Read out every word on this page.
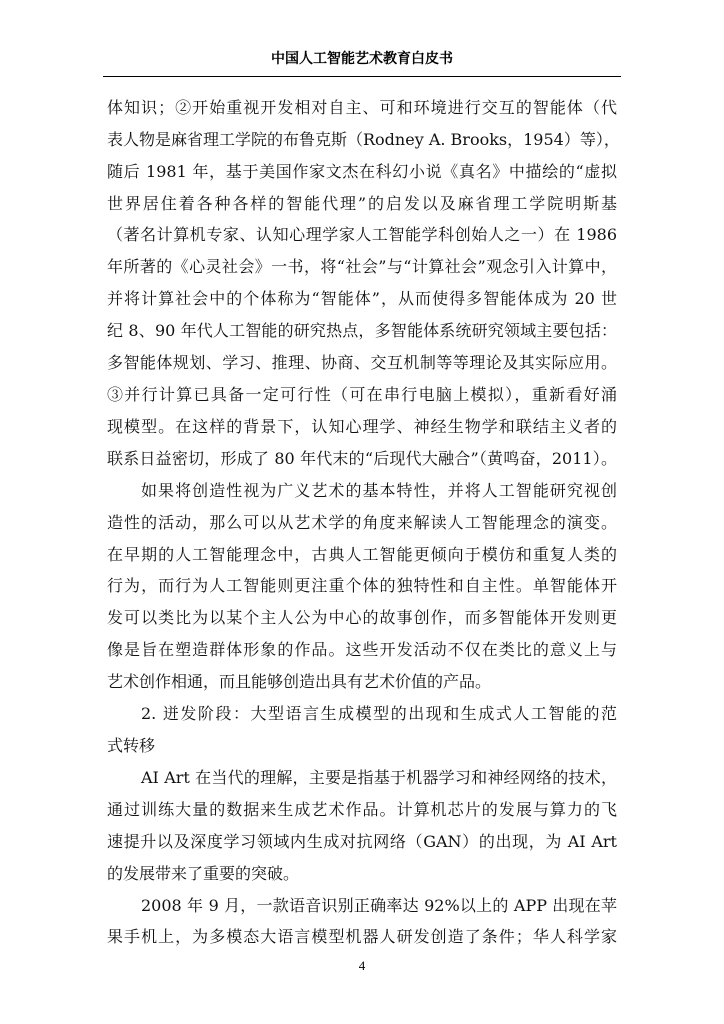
中国人工智能艺术教育白皮书
体知识；②开始重视开发相对自主、可和环境进行交互的智能体（代
表人物是麻省理工学院的布鲁克斯（Rodney A. Brooks，1954）等），
随后 1981 年，基于美国作家文杰在科幻小说《真名》中描绘的“虚拟
世界居住着各种各样的智能代理”的启发以及麻省理工学院明斯基
（著名计算机专家、认知心理学家人工智能学科创始人之一）在 1986
年所著的《心灵社会》一书，将“社会”与“计算社会”观念引入计算中，
并将计算社会中的个体称为“智能体”，从而使得多智能体成为 20 世
纪 8、90 年代人工智能的研究热点，多智能体系统研究领域主要包括：
多智能体规划、学习、推理、协商、交互机制等等理论及其实际应用。
③并行计算已具备一定可行性（可在串行电脑上模拟），重新看好涌
现模型。在这样的背景下，认知心理学、神经生物学和联结主义者的
联系日益密切，形成了 80 年代末的“后现代大融合”（黄鸣奋，2011）。
如果将创造性视为广义艺术的基本特性，并将人工智能研究视创
造性的活动，那么可以从艺术学的角度来解读人工智能理念的演变。
在早期的人工智能理念中，古典人工智能更倾向于模仿和重复人类的
行为，而行为人工智能则更注重个体的独特性和自主性。单智能体开
发可以类比为以某个主人公为中心的故事创作，而多智能体开发则更
像是旨在塑造群体形象的作品。这些开发活动不仅在类比的意义上与
艺术创作相通，而且能够创造出具有艺术价值的产品。
2. 迸发阶段：大型语言生成模型的出现和生成式人工智能的范
式转移
AI Art 在当代的理解，主要是指基于机器学习和神经网络的技术，
通过训练大量的数据来生成艺术作品。计算机芯片的发展与算力的飞
速提升以及深度学习领域内生成对抗网络（GAN）的出现，为 AI Art
的发展带来了重要的突破。
2008 年 9 月，一款语音识别正确率达 92%以上的 APP 出现在苹
果手机上，为多模态大语言模型机器人研发创造了条件；华人科学家
4
